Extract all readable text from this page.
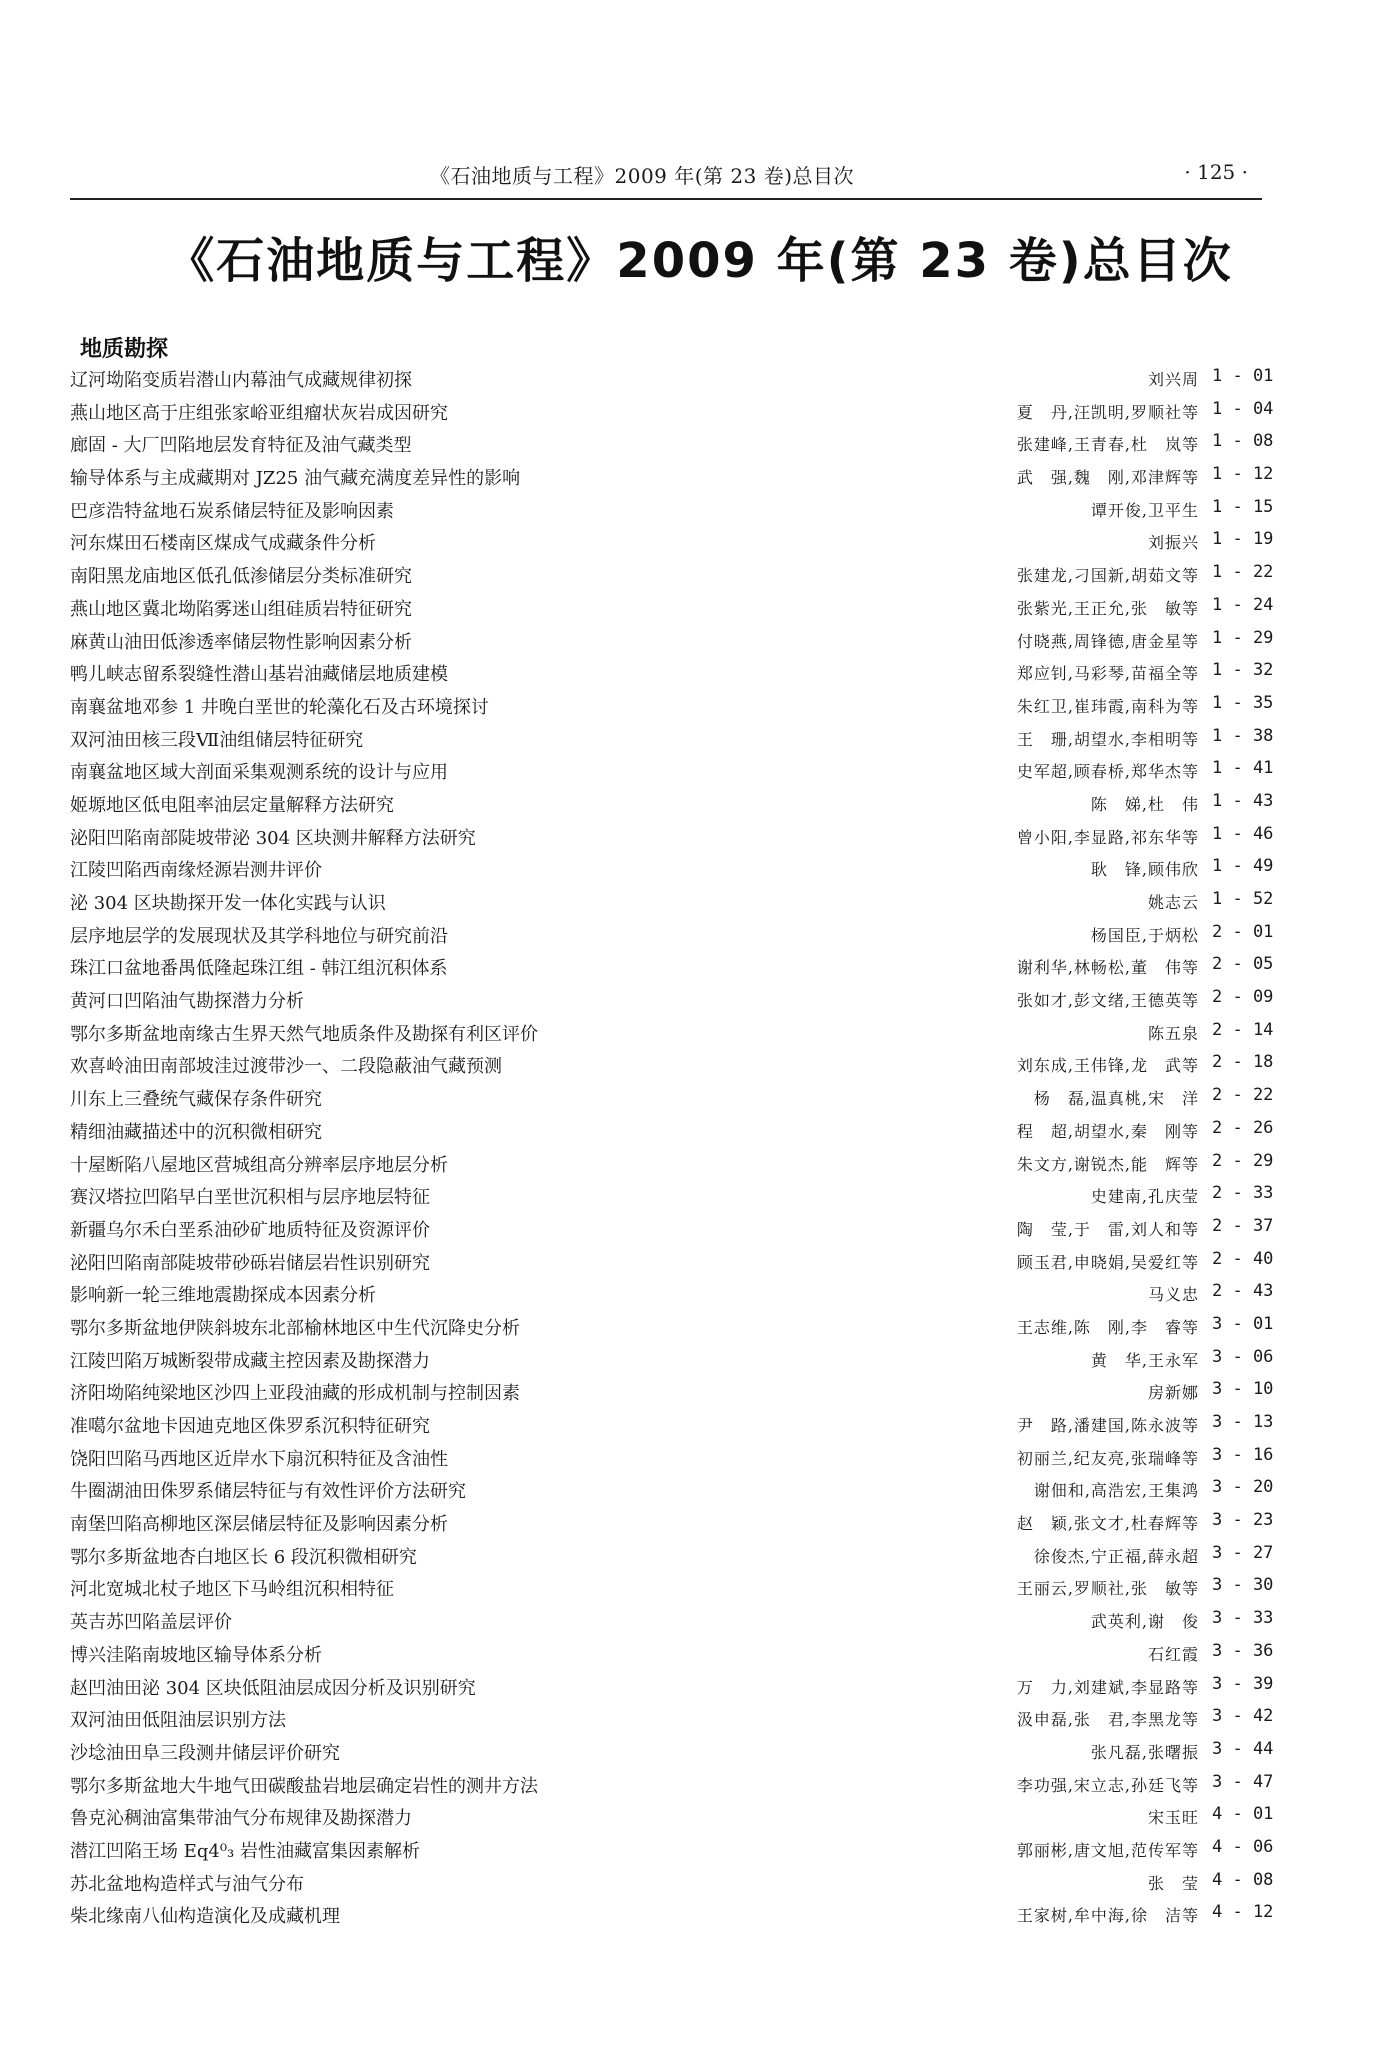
《石油地质与工程》2009 年(第 23 卷)总目次	· 125 ·
《石油地质与工程》2009 年(第 23 卷)总目次
地质勘探
辽河坳陷变质岩潜山内幕油气成藏规律初探	刘兴周 1 - 01
燕山地区高于庄组张家峪亚组瘤状灰岩成因研究	夏　丹,汪凯明,罗顺社等 1 - 04
廊固 - 大厂凹陷地层发育特征及油气藏类型	张建峰,王青春,杜　岚等 1 - 08
输导体系与主成藏期对 JZ25 油气藏充满度差异性的影响	武　强,魏　刚,邓津辉等 1 - 12
巴彦浩特盆地石炭系储层特征及影响因素	谭开俊,卫平生 1 - 15
河东煤田石楼南区煤成气成藏条件分析	刘振兴 1 - 19
南阳黑龙庙地区低孔低渗储层分类标准研究	张建龙,刁国新,胡茹文等 1 - 22
燕山地区冀北坳陷雾迷山组硅质岩特征研究	张紫光,王正允,张　敏等 1 - 24
麻黄山油田低渗透率储层物性影响因素分析	付晓燕,周锋德,唐金星等 1 - 29
鸭儿峡志留系裂缝性潜山基岩油藏储层地质建模	郑应钊,马彩琴,苗福全等 1 - 32
南襄盆地邓参 1 井晚白垩世的轮藻化石及古环境探讨	朱红卫,崔玮霞,南科为等 1 - 35
双河油田核三段Ⅶ油组储层特征研究	王　珊,胡望水,李相明等 1 - 38
南襄盆地区域大剖面采集观测系统的设计与应用	史军超,顾春桥,郑华杰等 1 - 41
姬塬地区低电阻率油层定量解释方法研究	陈　娣,杜　伟 1 - 43
泌阳凹陷南部陡坡带泌 304 区块测井解释方法研究	曾小阳,李显路,祁东华等 1 - 46
江陵凹陷西南缘烃源岩测井评价	耿　锋,顾伟欣 1 - 49
泌 304 区块勘探开发一体化实践与认识	姚志云 1 - 52
层序地层学的发展现状及其学科地位与研究前沿	杨国臣,于炳松 2 - 01
珠江口盆地番禺低隆起珠江组 - 韩江组沉积体系	谢利华,林畅松,董　伟等 2 - 05
黄河口凹陷油气勘探潜力分析	张如才,彭文绪,王德英等 2 - 09
鄂尔多斯盆地南缘古生界天然气地质条件及勘探有利区评价	陈五泉 2 - 14
欢喜岭油田南部坡洼过渡带沙一、二段隐蔽油气藏预测	刘东成,王伟锋,龙　武等 2 - 18
川东上三叠统气藏保存条件研究	杨　磊,温真桃,宋　洋 2 - 22
精细油藏描述中的沉积微相研究	程　超,胡望水,秦　刚等 2 - 26
十屋断陷八屋地区营城组高分辨率层序地层分析	朱文方,谢锐杰,能　辉等 2 - 29
赛汉塔拉凹陷早白垩世沉积相与层序地层特征	史建南,孔庆莹 2 - 33
新疆乌尔禾白垩系油砂矿地质特征及资源评价	陶　莹,于　雷,刘人和等 2 - 37
泌阳凹陷南部陡坡带砂砾岩储层岩性识别研究	顾玉君,申晓娟,吴爱红等 2 - 40
影响新一轮三维地震勘探成本因素分析	马义忠 2 - 43
鄂尔多斯盆地伊陕斜坡东北部榆林地区中生代沉降史分析	王志维,陈　刚,李　睿等 3 - 01
江陵凹陷万城断裂带成藏主控因素及勘探潜力	黄　华,王永军 3 - 06
济阳坳陷纯梁地区沙四上亚段油藏的形成机制与控制因素	房新娜 3 - 10
准噶尔盆地卡因迪克地区侏罗系沉积特征研究	尹　路,潘建国,陈永波等 3 - 13
饶阳凹陷马西地区近岸水下扇沉积特征及含油性	初丽兰,纪友亮,张瑞峰等 3 - 16
牛圈湖油田侏罗系储层特征与有效性评价方法研究	谢佃和,高浩宏,王集鸿 3 - 20
南堡凹陷高柳地区深层储层特征及影响因素分析	赵　颖,张文才,杜春辉等 3 - 23
鄂尔多斯盆地杏白地区长 6 段沉积微相研究	徐俊杰,宁正福,薛永超 3 - 27
河北宽城北杖子地区下马岭组沉积相特征	王丽云,罗顺社,张　敏等 3 - 30
英吉苏凹陷盖层评价	武英利,谢　俊 3 - 33
博兴洼陷南坡地区输导体系分析	石红霞 3 - 36
赵凹油田泌 304 区块低阻油层成因分析及识别研究	万　力,刘建斌,李显路等 3 - 39
双河油田低阻油层识别方法	汲申磊,张　君,李黑龙等 3 - 42
沙埝油田阜三段测井储层评价研究	张凡磊,张曙振 3 - 44
鄂尔多斯盆地大牛地气田碳酸盐岩地层确定岩性的测井方法	李功强,宋立志,孙廷飞等 3 - 47
鲁克沁稠油富集带油气分布规律及勘探潜力	宋玉旺 4 - 01
潜江凹陷王场 Eq4⁰₃ 岩性油藏富集因素解析	郭丽彬,唐文旭,范传军等 4 - 06
苏北盆地构造样式与油气分布	张　莹 4 - 08
柴北缘南八仙构造演化及成藏机理	王家树,牟中海,徐　洁等 4 - 12
